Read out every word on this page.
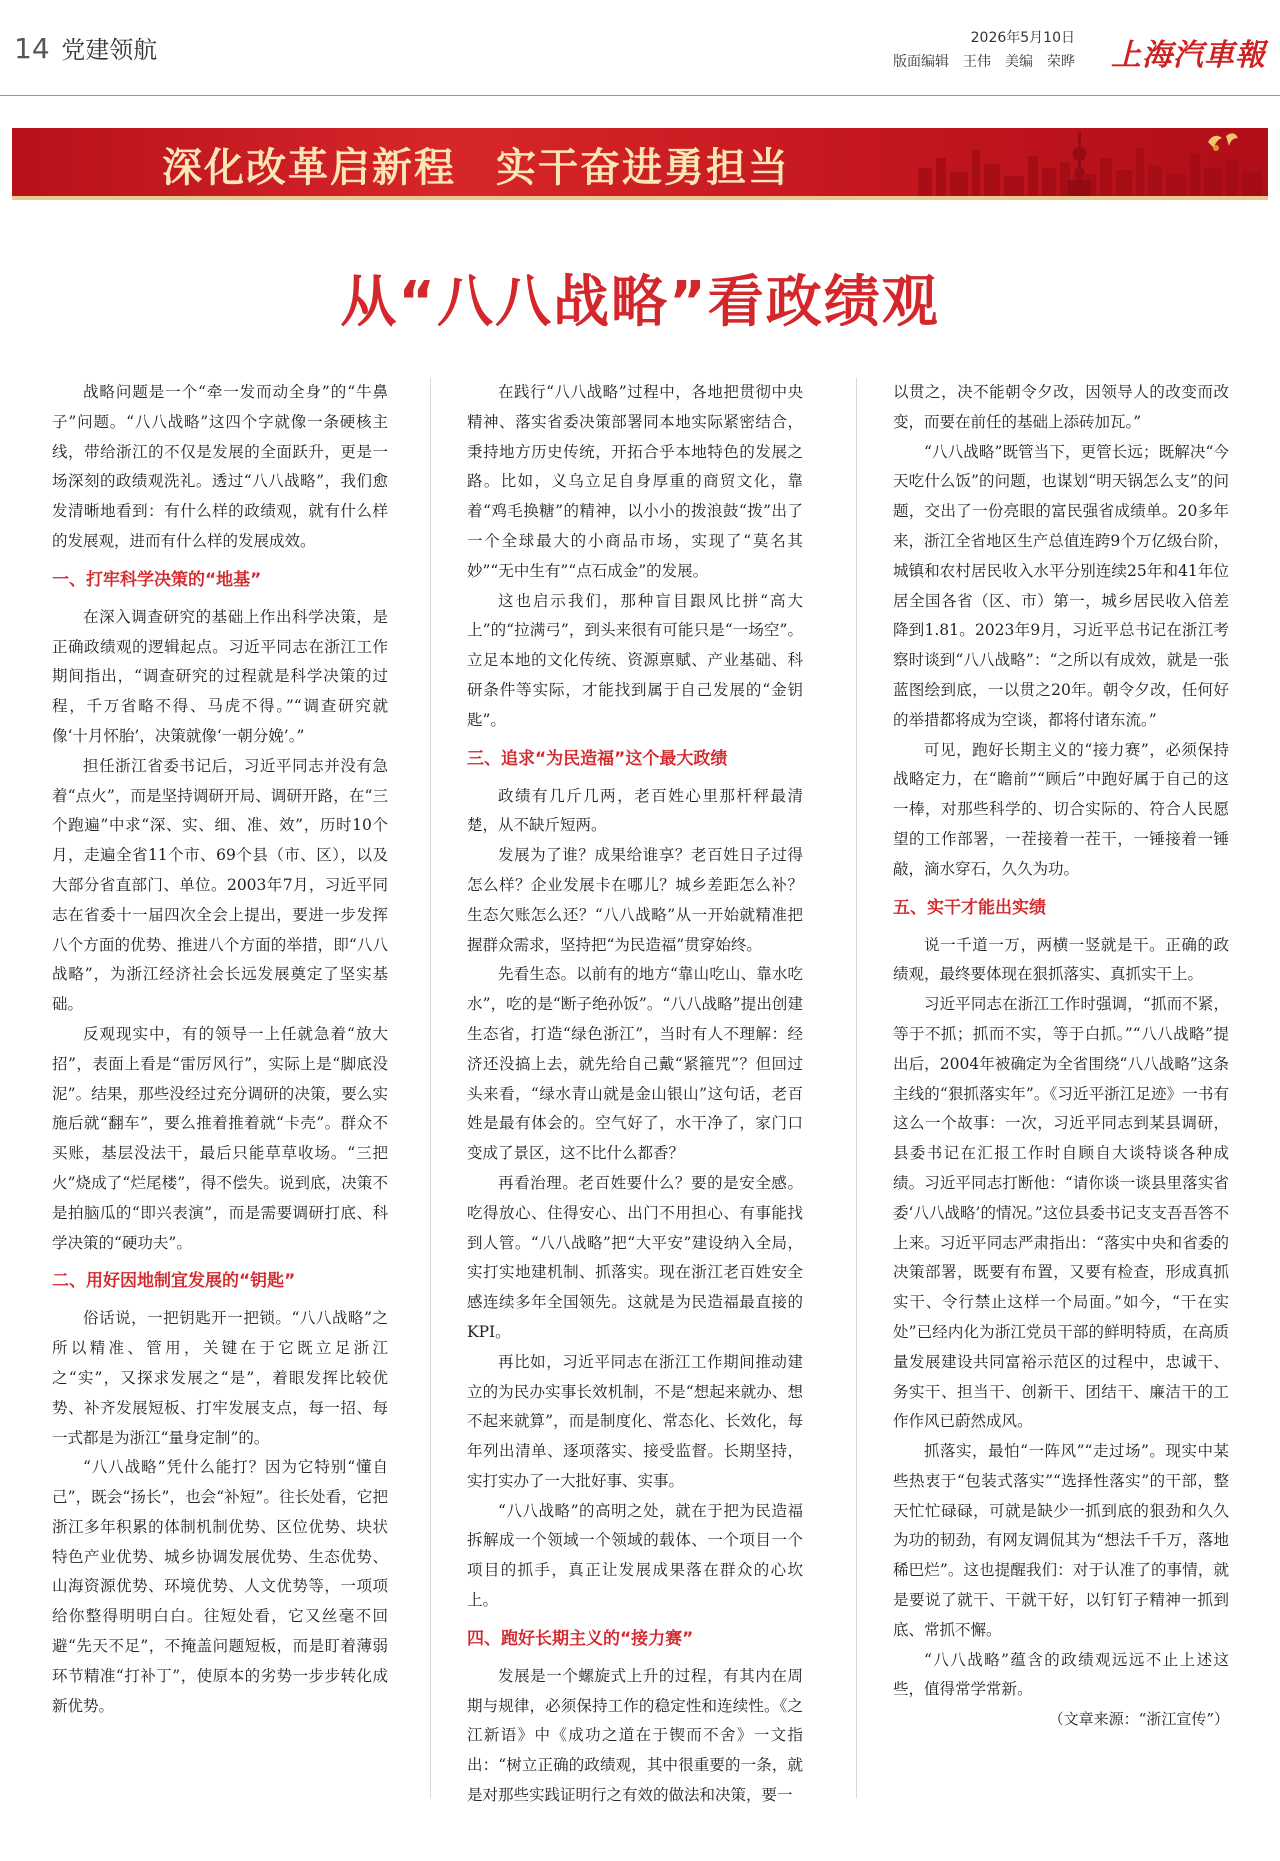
14 党建领航	2026年5月10日
版面编辑　王伟　美编　荣晔 上海汽車報
深化改革启新程 实干奋进勇担当
从“八八战略”看政绩观

战略问题是一个“牵一发而动全身”的“牛鼻子”问题。“八八战略”这四个字就像一条硬核主线，带给浙江的不仅是发展的全面跃升，更是一场深刻的政绩观洗礼。透过“八八战略”，我们愈发清晰地看到：有什么样的政绩观，就有什么样的发展观，进而有什么样的发展成效。

一、打牢科学决策的“地基”

在深入调查研究的基础上作出科学决策，是正确政绩观的逻辑起点。习近平同志在浙江工作期间指出，“调查研究的过程就是科学决策的过程，千万省略不得、马虎不得。”“调查研究就像‘十月怀胎’，决策就像‘一朝分娩’。”

担任浙江省委书记后，习近平同志并没有急着“点火”，而是坚持调研开局、调研开路，在“三个跑遍”中求“深、实、细、准、效”，历时10个月，走遍全省11个市、69个县（市、区），以及大部分省直部门、单位。2003年7月，习近平同志在省委十一届四次全会上提出，要进一步发挥八个方面的优势、推进八个方面的举措，即“八八战略”，为浙江经济社会长远发展奠定了坚实基础。

反观现实中，有的领导一上任就急着“放大招”，表面上看是“雷厉风行”，实际上是“脚底没泥”。结果，那些没经过充分调研的决策，要么实施后就“翻车”，要么推着推着就“卡壳”。群众不买账，基层没法干，最后只能草草收场。“三把火”烧成了“烂尾楼”，得不偿失。说到底，决策不是拍脑瓜的“即兴表演”，而是需要调研打底、科学决策的“硬功夫”。

二、用好因地制宜发展的“钥匙”

俗话说，一把钥匙开一把锁。“八八战略”之所以精准、管用，关键在于它既立足浙江之“实”，又探求发展之“是”，着眼发挥比较优势、补齐发展短板、打牢发展支点，每一招、每一式都是为浙江“量身定制”的。

“八八战略”凭什么能打？因为它特别“懂自己”，既会“扬长”，也会“补短”。往长处看，它把浙江多年积累的体制机制优势、区位优势、块状特色产业优势、城乡协调发展优势、生态优势、山海资源优势、环境优势、人文优势等，一项项给你整得明明白白。往短处看，它又丝毫不回避“先天不足”，不掩盖问题短板，而是盯着薄弱环节精准“打补丁”，使原本的劣势一步步转化成新优势。

在践行“八八战略”过程中，各地把贯彻中央精神、落实省委决策部署同本地实际紧密结合，秉持地方历史传统，开拓合乎本地特色的发展之路。比如，义乌立足自身厚重的商贸文化，靠着“鸡毛换糖”的精神，以小小的拨浪鼓“拨”出了一个全球最大的小商品市场，实现了“莫名其妙”“无中生有”“点石成金”的发展。

这也启示我们，那种盲目跟风比拼“高大上”的“拉满弓”，到头来很有可能只是“一场空”。立足本地的文化传统、资源禀赋、产业基础、科研条件等实际，才能找到属于自己发展的“金钥匙”。

三、追求“为民造福”这个最大政绩

政绩有几斤几两，老百姓心里那杆秤最清楚，从不缺斤短两。

发展为了谁？成果给谁享？老百姓日子过得怎么样？企业发展卡在哪儿？城乡差距怎么补？生态欠账怎么还？“八八战略”从一开始就精准把握群众需求，坚持把“为民造福”贯穿始终。

先看生态。以前有的地方“靠山吃山、靠水吃水”，吃的是“断子绝孙饭”。“八八战略”提出创建生态省，打造“绿色浙江”，当时有人不理解：经济还没搞上去，就先给自己戴“紧箍咒”？但回过头来看，“绿水青山就是金山银山”这句话，老百姓是最有体会的。空气好了，水干净了，家门口变成了景区，这不比什么都香？

再看治理。老百姓要什么？要的是安全感。吃得放心、住得安心、出门不用担心、有事能找到人管。“八八战略”把“大平安”建设纳入全局，实打实地建机制、抓落实。现在浙江老百姓安全感连续多年全国领先。这就是为民造福最直接的KPI。

再比如，习近平同志在浙江工作期间推动建立的为民办实事长效机制，不是“想起来就办、想不起来就算”，而是制度化、常态化、长效化，每年列出清单、逐项落实、接受监督。长期坚持，实打实办了一大批好事、实事。

“八八战略”的高明之处，就在于把为民造福拆解成一个领域一个领域的载体、一个项目一个项目的抓手，真正让发展成果落在群众的心坎上。

四、跑好长期主义的“接力赛”

发展是一个螺旋式上升的过程，有其内在周期与规律，必须保持工作的稳定性和连续性。《之江新语》中《成功之道在于锲而不舍》一文指出：“树立正确的政绩观，其中很重要的一条，就是对那些实践证明行之有效的做法和决策，要一

以贯之，决不能朝令夕改，因领导人的改变而改变，而要在前任的基础上添砖加瓦。”

“八八战略”既管当下，更管长远；既解决“今天吃什么饭”的问题，也谋划“明天锅怎么支”的问题，交出了一份亮眼的富民强省成绩单。20多年来，浙江全省地区生产总值连跨9个万亿级台阶，城镇和农村居民收入水平分别连续25年和41年位居全国各省（区、市）第一，城乡居民收入倍差降到1.81。2023年9月，习近平总书记在浙江考察时谈到“八八战略”：“之所以有成效，就是一张蓝图绘到底，一以贯之20年。朝令夕改，任何好的举措都将成为空谈，都将付诸东流。”

可见，跑好长期主义的“接力赛”，必须保持战略定力，在“瞻前”“顾后”中跑好属于自己的这一棒，对那些科学的、切合实际的、符合人民愿望的工作部署，一茬接着一茬干，一锤接着一锤敲，滴水穿石，久久为功。

五、实干才能出实绩

说一千道一万，两横一竖就是干。正确的政绩观，最终要体现在狠抓落实、真抓实干上。

习近平同志在浙江工作时强调，“抓而不紧，等于不抓；抓而不实，等于白抓。”“八八战略”提出后，2004年被确定为全省围绕“八八战略”这条主线的“狠抓落实年”。《习近平浙江足迹》一书有这么一个故事：一次，习近平同志到某县调研，县委书记在汇报工作时自顾自大谈特谈各种成绩。习近平同志打断他：“请你谈一谈县里落实省委‘八八战略’的情况。”这位县委书记支支吾吾答不上来。习近平同志严肃指出：“落实中央和省委的决策部署，既要有布置，又要有检查，形成真抓实干、令行禁止这样一个局面。”如今，“干在实处”已经内化为浙江党员干部的鲜明特质，在高质量发展建设共同富裕示范区的过程中，忠诚干、务实干、担当干、创新干、团结干、廉洁干的工作作风已蔚然成风。

抓落实，最怕“一阵风”“走过场”。现实中某些热衷于“包装式落实”“选择性落实”的干部，整天忙忙碌碌，可就是缺少一抓到底的狠劲和久久为功的韧劲，有网友调侃其为“想法千千万，落地稀巴烂”。这也提醒我们：对于认准了的事情，就是要说了就干、干就干好，以钉钉子精神一抓到底、常抓不懈。

“八八战略”蕴含的政绩观远远不止上述这些，值得常学常新。

（文章来源：“浙江宣传”）
